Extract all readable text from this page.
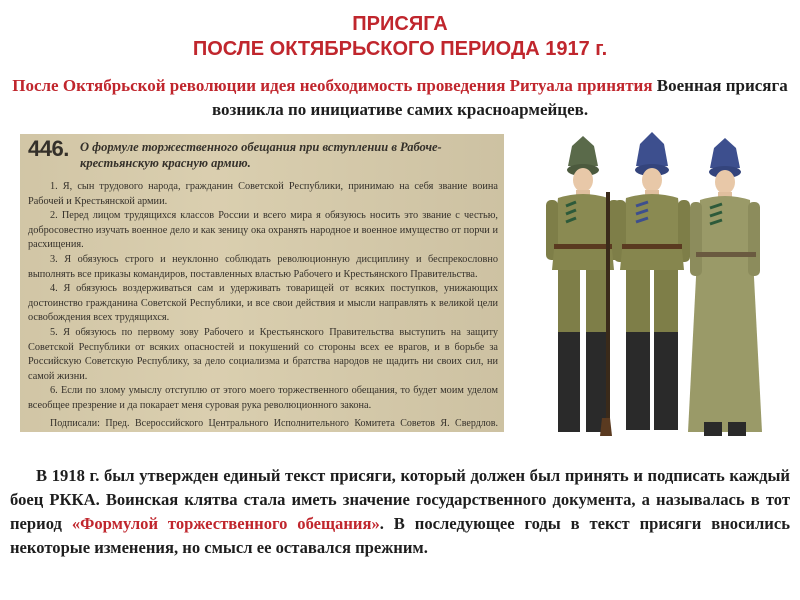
ПРИСЯГА
ПОСЛЕ ОКТЯБРЬСКОГО ПЕРИОДА 1917 г.
После Октябрьской революции идея необходимость проведения Ритуала принятия Военная присяга возникла по инициативе самих красноармейцев.
446. О формуле торжественного обещания при вступлении в Рабоче-крестьянскую красную армию.

1. Я, сын трудового народа, гражданин Советской Республики, принимаю на себя звание воина Рабочей и Крестьянской армии.

2. Перед лицом трудящихся классов России и всего мира я обязуюсь носить это звание с честью, добросовестно изучать военное дело и как зеницу ока охранять народное и военное имущество от порчи и расхищения.

3. Я обязуюсь строго и неуклонно соблюдать революционную дисциплину и беспрекословно выполнять все приказы командиров, поставленных властью Рабочего и Крестьянского Правительства.

4. Я обязуюсь воздерживаться сам и удерживать товарищей от всяких поступков, унижающих достоинство гражданина Советской Республики, и все свои действия и мысли направлять к великой цели освобождения всех трудящихся.

5. Я обязуюсь по первому зову Рабочего и Крестьянского Правительства выступить на защиту Советской Республики от всяких опасностей и покушений со стороны всех ее врагов, и в борьбе за Российскую Советскую Республику, за дело социализма и братства народов не щадить ни своих сил, ни самой жизни.

6. Если по злому умыслу отступлю от этого моего торжественного обещания, то будет моим уделом всеобщее презрение и да покарает меня суровая рука революционного закона.

Подписали: Пред. Всероссийского Центрального Исполнительного Комитета Советов Я. Свердлов.

В 1918 г. был утвержден единый текст присяги, который должен был принять и подписать каждый боец РККА. Воинская клятва стала иметь значение государственного документа, а называлась в тот период «Формулой торжественного обещания». В последующее годы в текст присяги вносились некоторые изменения, но смысл ее оставался прежним.
